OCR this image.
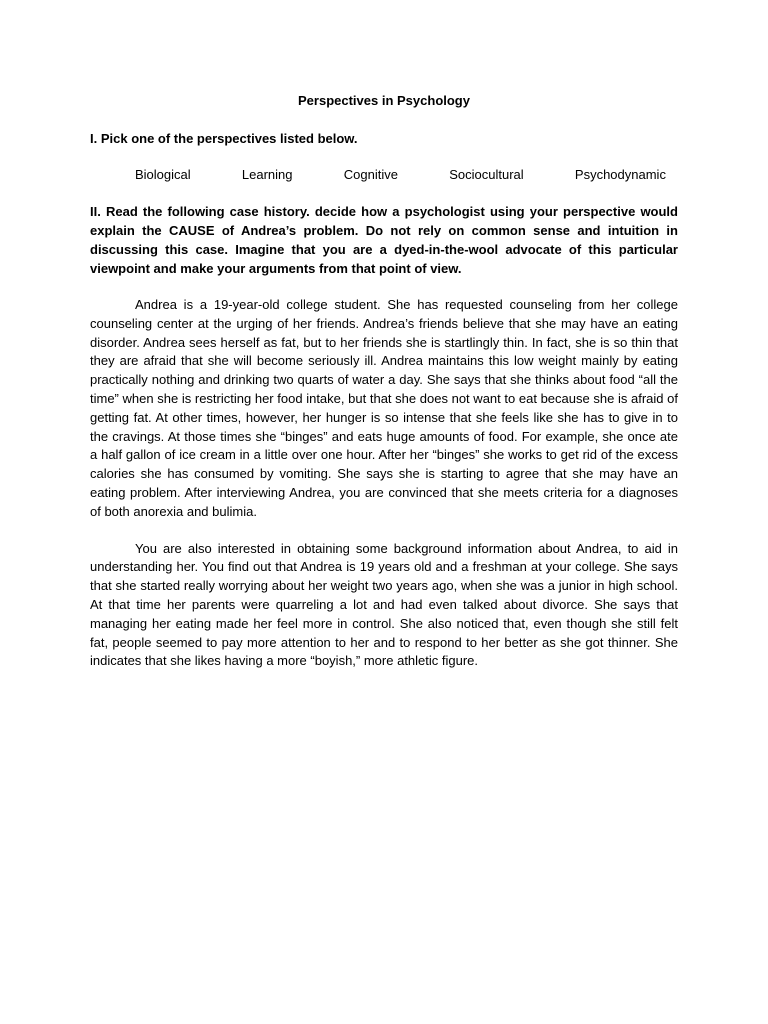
Perspectives in Psychology
I. Pick one of the perspectives listed below.
Biological	Learning	Cognitive	Sociocultural	Psychodynamic
II. Read the following case history. decide how a psychologist using your perspective would explain the CAUSE of Andrea’s problem. Do not rely on common sense and intuition in discussing this case. Imagine that you are a dyed-in-the-wool advocate of this particular viewpoint and make your arguments from that point of view.

Andrea is a 19-year-old college student. She has requested counseling from her college counseling center at the urging of her friends. Andrea’s friends believe that she may have an eating disorder. Andrea sees herself as fat, but to her friends she is startlingly thin. In fact, she is so thin that they are afraid that she will become seriously ill. Andrea maintains this low weight mainly by eating practically nothing and drinking two quarts of water a day. She says that she thinks about food “all the time” when she is restricting her food intake, but that she does not want to eat because she is afraid of getting fat. At other times, however, her hunger is so intense that she feels like she has to give in to the cravings. At those times she “binges” and eats huge amounts of food. For example, she once ate a half gallon of ice cream in a little over one hour. After her “binges” she works to get rid of the excess calories she has consumed by vomiting. She says she is starting to agree that she may have an eating problem. After interviewing Andrea, you are convinced that she meets criteria for a diagnoses of both anorexia and bulimia.

You are also interested in obtaining some background information about Andrea, to aid in understanding her. You find out that Andrea is 19 years old and a freshman at your college. She says that she started really worrying about her weight two years ago, when she was a junior in high school. At that time her parents were quarreling a lot and had even talked about divorce. She says that managing her eating made her feel more in control. She also noticed that, even though she still felt fat, people seemed to pay more attention to her and to respond to her better as she got thinner. She indicates that she likes having a more “boyish,” more athletic figure.
